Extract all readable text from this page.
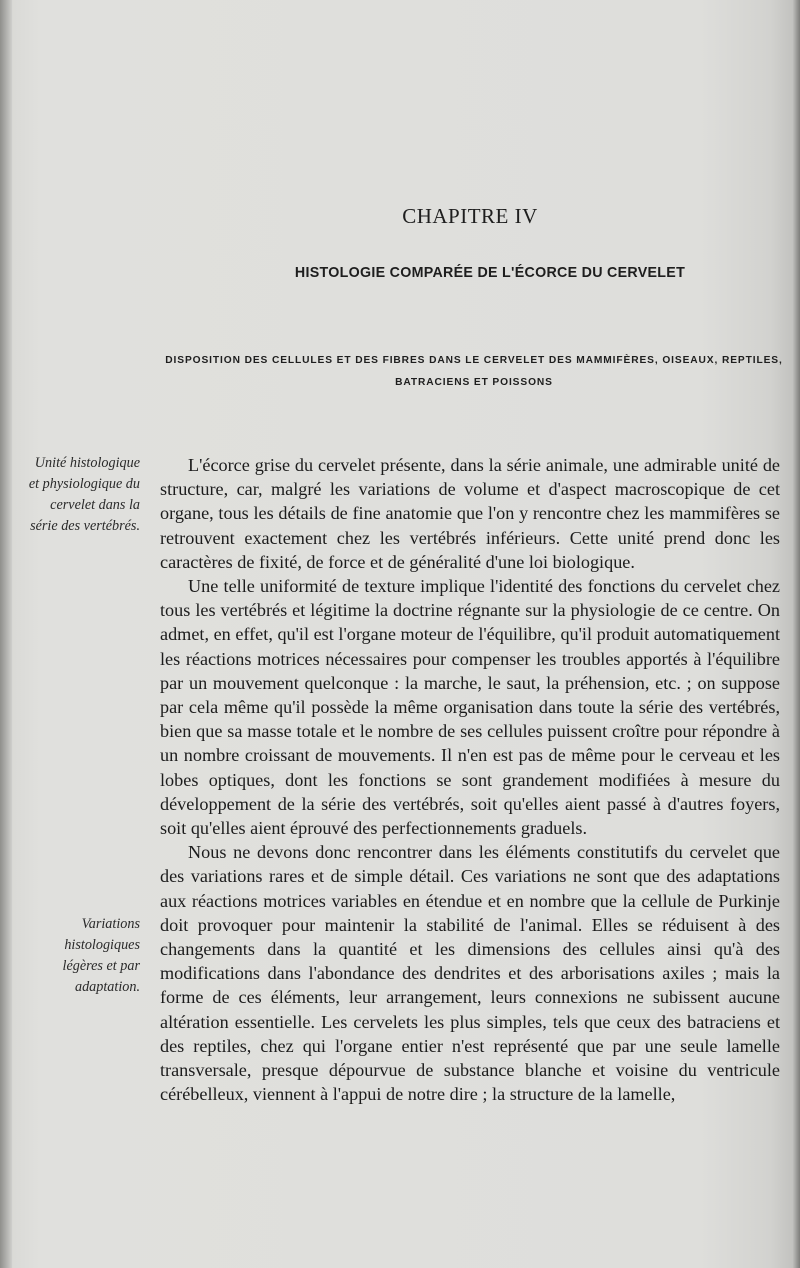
CHAPITRE IV
HISTOLOGIE COMPARÉE DE L'ÉCORCE DU CERVELET
DISPOSITION DES CELLULES ET DES FIBRES DANS LE CERVELET DES MAMMIFÈRES, OISEAUX, REPTILES, BATRACIENS ET POISSONS
Unité histologique et physiologique du cervelet dans la série des vertébrés.
Variations histologiques légères et par adaptation.

L'écorce grise du cervelet présente, dans la série animale, une admirable unité de structure, car, malgré les variations de volume et d'aspect macroscopique de cet organe, tous les détails de fine anatomie que l'on y rencontre chez les mammifères se retrouvent exactement chez les vertébrés inférieurs. Cette unité prend donc les caractères de fixité, de force et de généralité d'une loi biologique.

Une telle uniformité de texture implique l'identité des fonctions du cervelet chez tous les vertébrés et légitime la doctrine régnante sur la physiologie de ce centre. On admet, en effet, qu'il est l'organe moteur de l'équilibre, qu'il produit automatiquement les réactions motrices nécessaires pour compenser les troubles apportés à l'équilibre par un mouvement quelconque : la marche, le saut, la préhension, etc. ; on suppose par cela même qu'il possède la même organisation dans toute la série des vertébrés, bien que sa masse totale et le nombre de ses cellules puissent croître pour répondre à un nombre croissant de mouvements. Il n'en est pas de même pour le cerveau et les lobes optiques, dont les fonctions se sont grandement modifiées à mesure du développement de la série des vertébrés, soit qu'elles aient passé à d'autres foyers, soit qu'elles aient éprouvé des perfectionnements graduels.

Nous ne devons donc rencontrer dans les éléments constitutifs du cervelet que des variations rares et de simple détail. Ces variations ne sont que des adaptations aux réactions motrices variables en étendue et en nombre que la cellule de Purkinje doit provoquer pour maintenir la stabilité de l'animal. Elles se réduisent à des changements dans la quantité et les dimensions des cellules ainsi qu'à des modifications dans l'abondance des dendrites et des arborisations axiles ; mais la forme de ces éléments, leur arrangement, leurs connexions ne subissent aucune altération essentielle. Les cervelets les plus simples, tels que ceux des batraciens et des reptiles, chez qui l'organe entier n'est représenté que par une seule lamelle transversale, presque dépourvue de substance blanche et voisine du ventricule cérébelleux, viennent à l'appui de notre dire ; la structure de la lamelle,
